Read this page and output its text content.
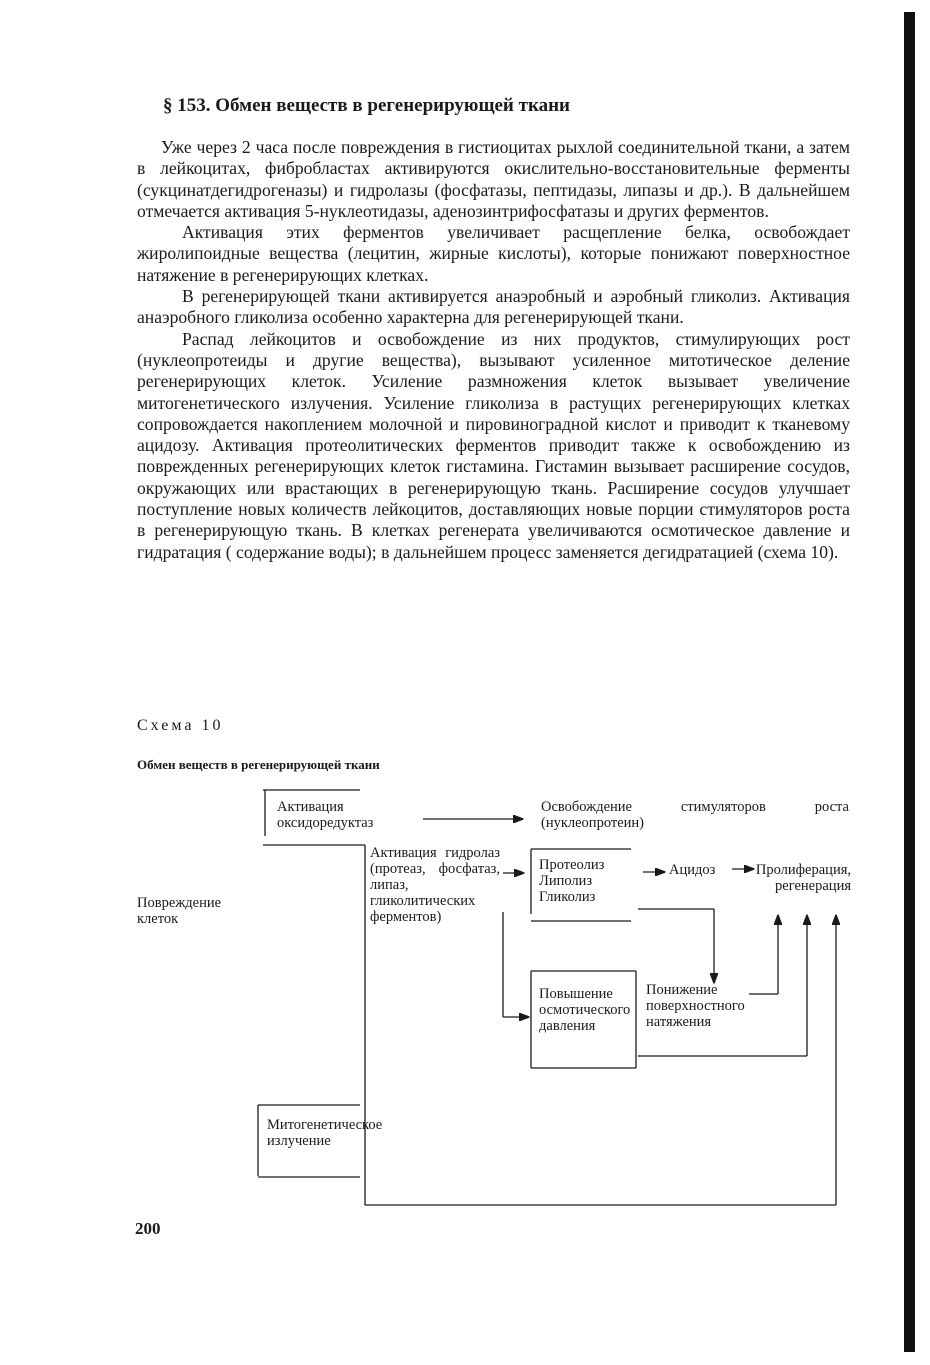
§ 153. Обмен веществ в регенерирующей ткани

Уже через 2 часа после повреждения в гистиоцитах рыхлой соединительной ткани, а затем в лейкоцитах, фибробластах активируются окислительно-восстановительные ферменты (сукцинатдегидрогеназы) и гидролазы (фосфатазы, пептидазы, липазы и др.). В дальнейшем отмечается активация 5-нуклеотидазы, аденозинтрифосфатазы и других ферментов.

Активация этих ферментов увеличивает расщепление белка, освобождает жиролипоидные вещества (лецитин, жирные кислоты), которые понижают поверхностное натяжение в регенерирующих клетках.

В регенерирующей ткани активируется анаэробный и аэробный гликолиз. Активация анаэробного гликолиза особенно характерна для регенерирующей ткани.

Распад лейкоцитов и освобождение из них продуктов, стимулирующих рост (нуклеопротеиды и другие вещества), вызывают усиленное митотическое деление регенерирующих клеток. Усиление размножения клеток вызывает увеличение митогенетического излучения. Усиление гликолиза в растущих регенерирующих клетках сопровождается накоплением молочной и пировиноградной кислот и приводит к тканевому ацидозу. Активация протеолитических ферментов приводит также к освобождению из поврежденных регенерирующих клеток гистамина. Гистамин вызывает расширение сосудов, окружающих или врастающих в регенерирующую ткань. Расширение сосудов улучшает поступление новых количеств лейкоцитов, доставляющих новые порции стимуляторов роста в регенерирующую ткань. В клетках регенерата увеличиваются осмотическое давление и гидратация ( содержание воды); в дальнейшем процесс заменяется дегидратацией (схема 10).

Схема 10
Обмен веществ в регенерирующей ткани
Повреждение клеток
Активация оксидоредуктаз
Освобождение стимуляторов роста (нуклеопротеин)
Активация гидролаз (протеаз, фосфатаз, липаз, гликолитических ферментов)
Протеолиз Липолиз Гликолиз
Ацидоз	Пролиферация, регенерация
Повышение осмотического давления
Понижение поверхностного натяжения
Митогенетическое излучение
200
